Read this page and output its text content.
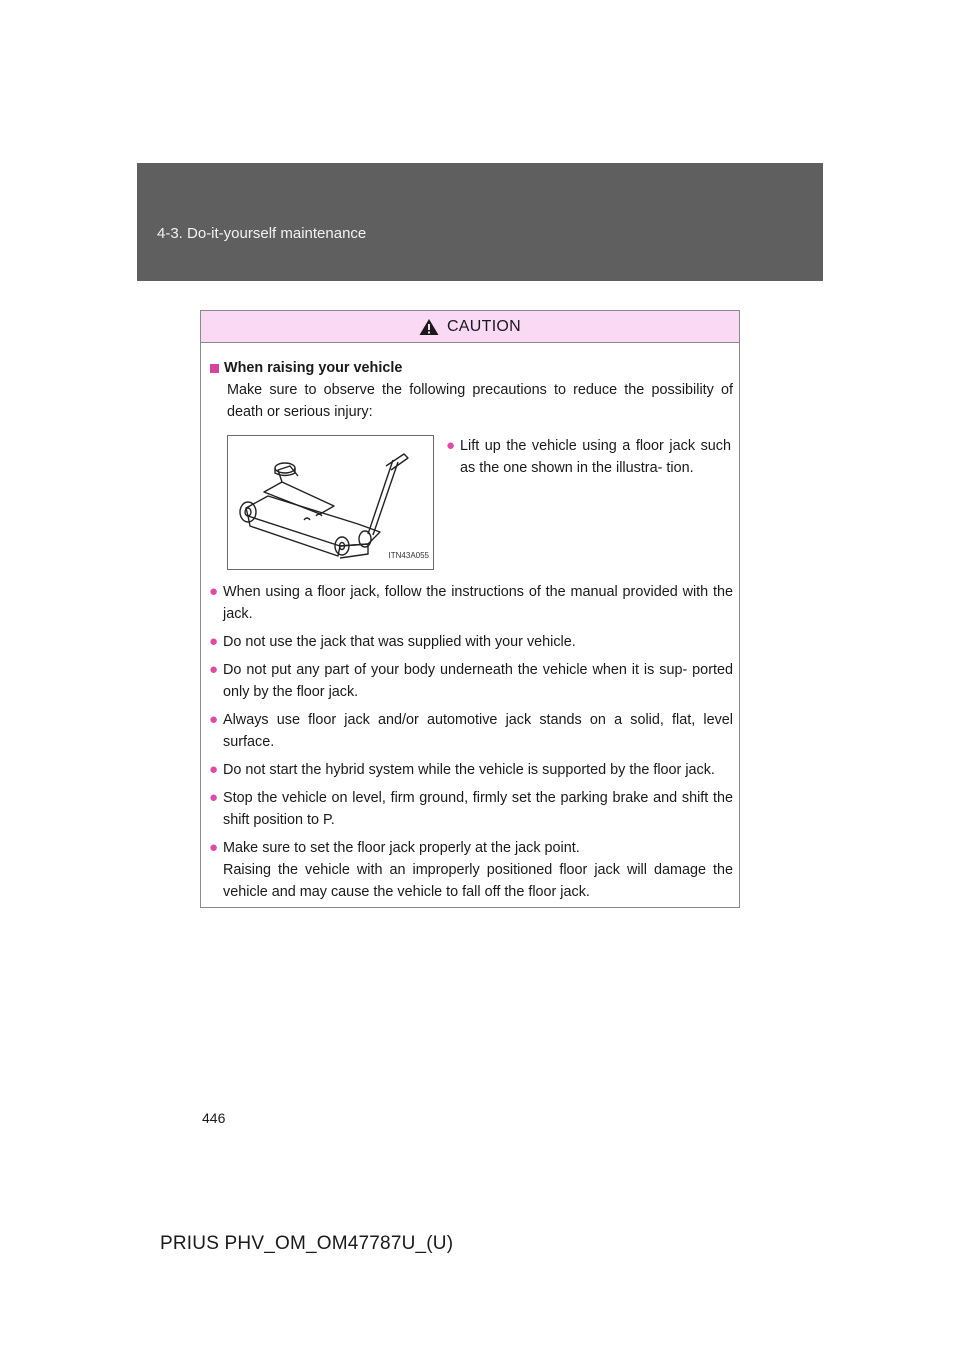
4-3. Do-it-yourself maintenance
CAUTION
When raising your vehicle

Make sure to observe the following precautions to reduce the possibility of death or serious injury:

ITN43A055
● Lift up the vehicle using a floor jack such as the one shown in the illustra- tion.
● When using a floor jack, follow the instructions of the manual provided with the jack.
● Do not use the jack that was supplied with your vehicle.
● Do not put any part of your body underneath the vehicle when it is sup- ported only by the floor jack.
● Always use floor jack and/or automotive jack stands on a solid, flat, level surface.
● Do not start the hybrid system while the vehicle is supported by the floor jack.
● Stop the vehicle on level, firm ground, firmly set the parking brake and shift the shift position to P.
● Make sure to set the floor jack properly at the jack point.
Raising the vehicle with an improperly positioned floor jack will damage the vehicle and may cause the vehicle to fall off the floor jack.
446
PRIUS PHV_OM_OM47787U_(U)
